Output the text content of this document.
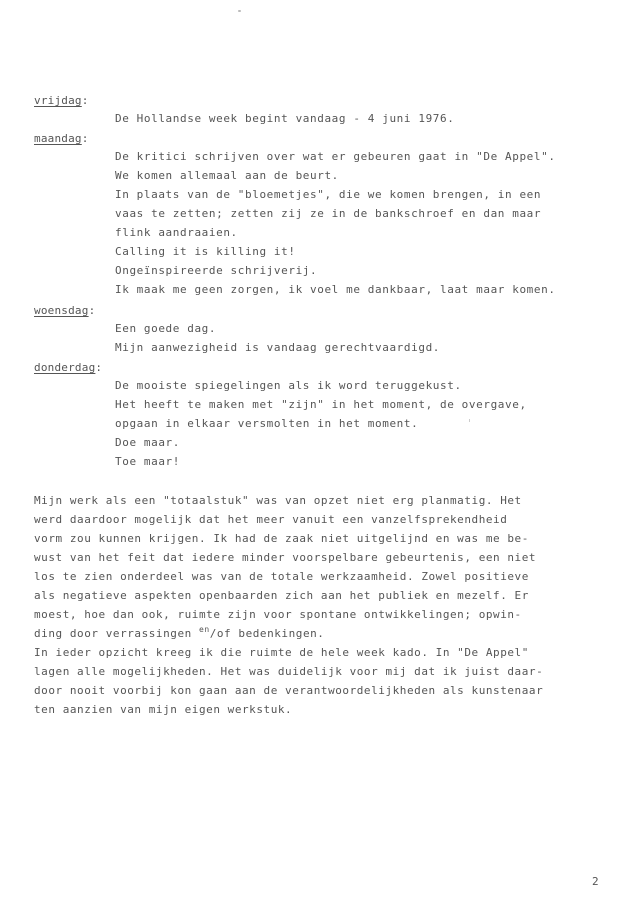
vrijdag:

De Hollandse week begint vandaag - 4 juni 1976.

maandag:

De kritici schrijven over wat er gebeuren gaat in "De Appel".

We komen allemaal aan de beurt.

In plaats van de "bloemetjes", die we komen brengen, in een

vaas te zetten; zetten zij ze in de bankschroef en dan maar

flink aandraaien.

Calling it is killing it!

Ongeïnspireerde schrijverij.

Ik maak me geen zorgen, ik voel me dankbaar, laat maar komen.

woensdag:

Een goede dag.

Mijn aanwezigheid is vandaag gerechtvaardigd.

donderdag:

De mooiste spiegelingen als ik word teruggekust.

Het heeft te maken met "zijn" in het moment, de overgave,

opgaan in elkaar versmolten in het moment.

Doe maar.

Toe maar!

Mijn werk als een "totaalstuk" was van opzet niet erg planmatig. Het

werd daardoor mogelijk dat het meer vanuit een vanzelfsprekendheid

vorm zou kunnen krijgen. Ik had de zaak niet uitgelijnd en was me be-

wust van het feit dat iedere minder voorspelbare gebeurtenis, een niet

los te zien onderdeel was van de totale werkzaamheid. Zowel positieve

als negatieve aspekten openbaarden zich aan het publiek en mezelf. Er

moest, hoe dan ook, ruimte zijn voor spontane ontwikkelingen; opwin-

ding door verrassingen $^{en}$/of bedenkingen.

In ieder opzicht kreeg ik die ruimte de hele week kado. In "De Appel"

lagen alle mogelijkheden. Het was duidelijk voor mij dat ik juist daar-

door nooit voorbij kon gaan aan de verantwoordelijkheden als kunstenaar

ten aanzien van mijn eigen werkstuk.

2
